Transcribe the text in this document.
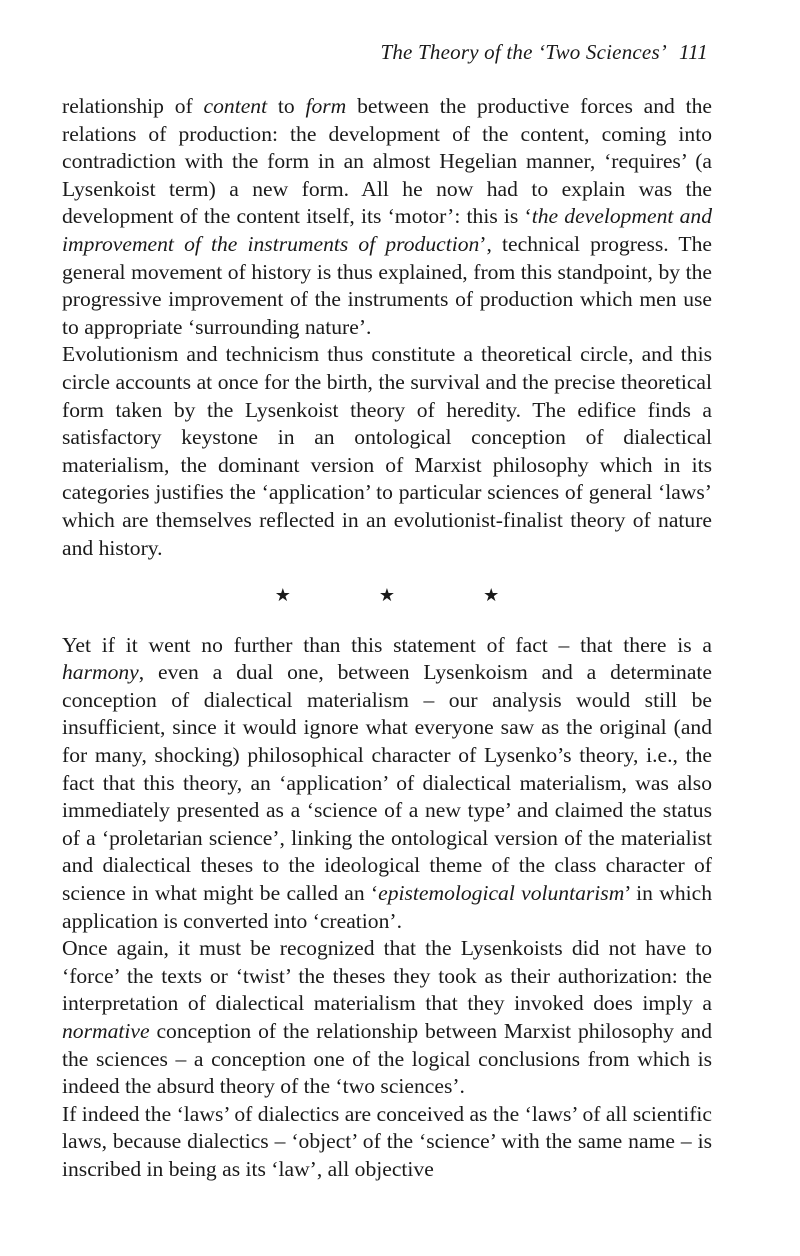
The Theory of the ‘Two Sciences’ 111

relationship of content to form between the productive forces and the relations of production: the development of the content, coming into contradiction with the form in an almost Hegelian manner, ‘requires’ (a Lysenkoist term) a new form. All he now had to explain was the development of the content itself, its ‘motor’: this is ‘the development and improvement of the instruments of production’, technical progress. The general movement of history is thus explained, from this standpoint, by the progressive improvement of the instruments of production which men use to appropriate ‘surrounding nature’.

Evolutionism and technicism thus constitute a theoretical circle, and this circle accounts at once for the birth, the survival and the precise theoretical form taken by the Lysenkoist theory of heredity. The edifice finds a satisfactory keystone in an ontological conception of dialectical materialism, the dominant version of Marxist philosophy which in its categories justifies the ‘application’ to particular sciences of general ‘laws’ which are themselves reflected in an evolutionist-finalist theory of nature and history.

★	★	★

Yet if it went no further than this statement of fact – that there is a harmony, even a dual one, between Lysenkoism and a determinate conception of dialectical materialism – our analysis would still be insufficient, since it would ignore what everyone saw as the original (and for many, shocking) philosophical character of Lysenko’s theory, i.e., the fact that this theory, an ‘application’ of dialectical materialism, was also immediately presented as a ‘science of a new type’ and claimed the status of a ‘proletarian science’, linking the ontological version of the materialist and dialectical theses to the ideological theme of the class character of science in what might be called an ‘epistemological voluntarism’ in which application is converted into ‘creation’.

Once again, it must be recognized that the Lysenkoists did not have to ‘force’ the texts or ‘twist’ the theses they took as their authorization: the interpretation of dialectical materialism that they invoked does imply a normative conception of the relationship between Marxist philosophy and the sciences – a conception one of the logical conclusions from which is indeed the absurd theory of the ‘two sciences’.

If indeed the ‘laws’ of dialectics are conceived as the ‘laws’ of all scientific laws, because dialectics – ‘object’ of the ‘science’ with the same name – is inscribed in being as its ‘law’, all objective
